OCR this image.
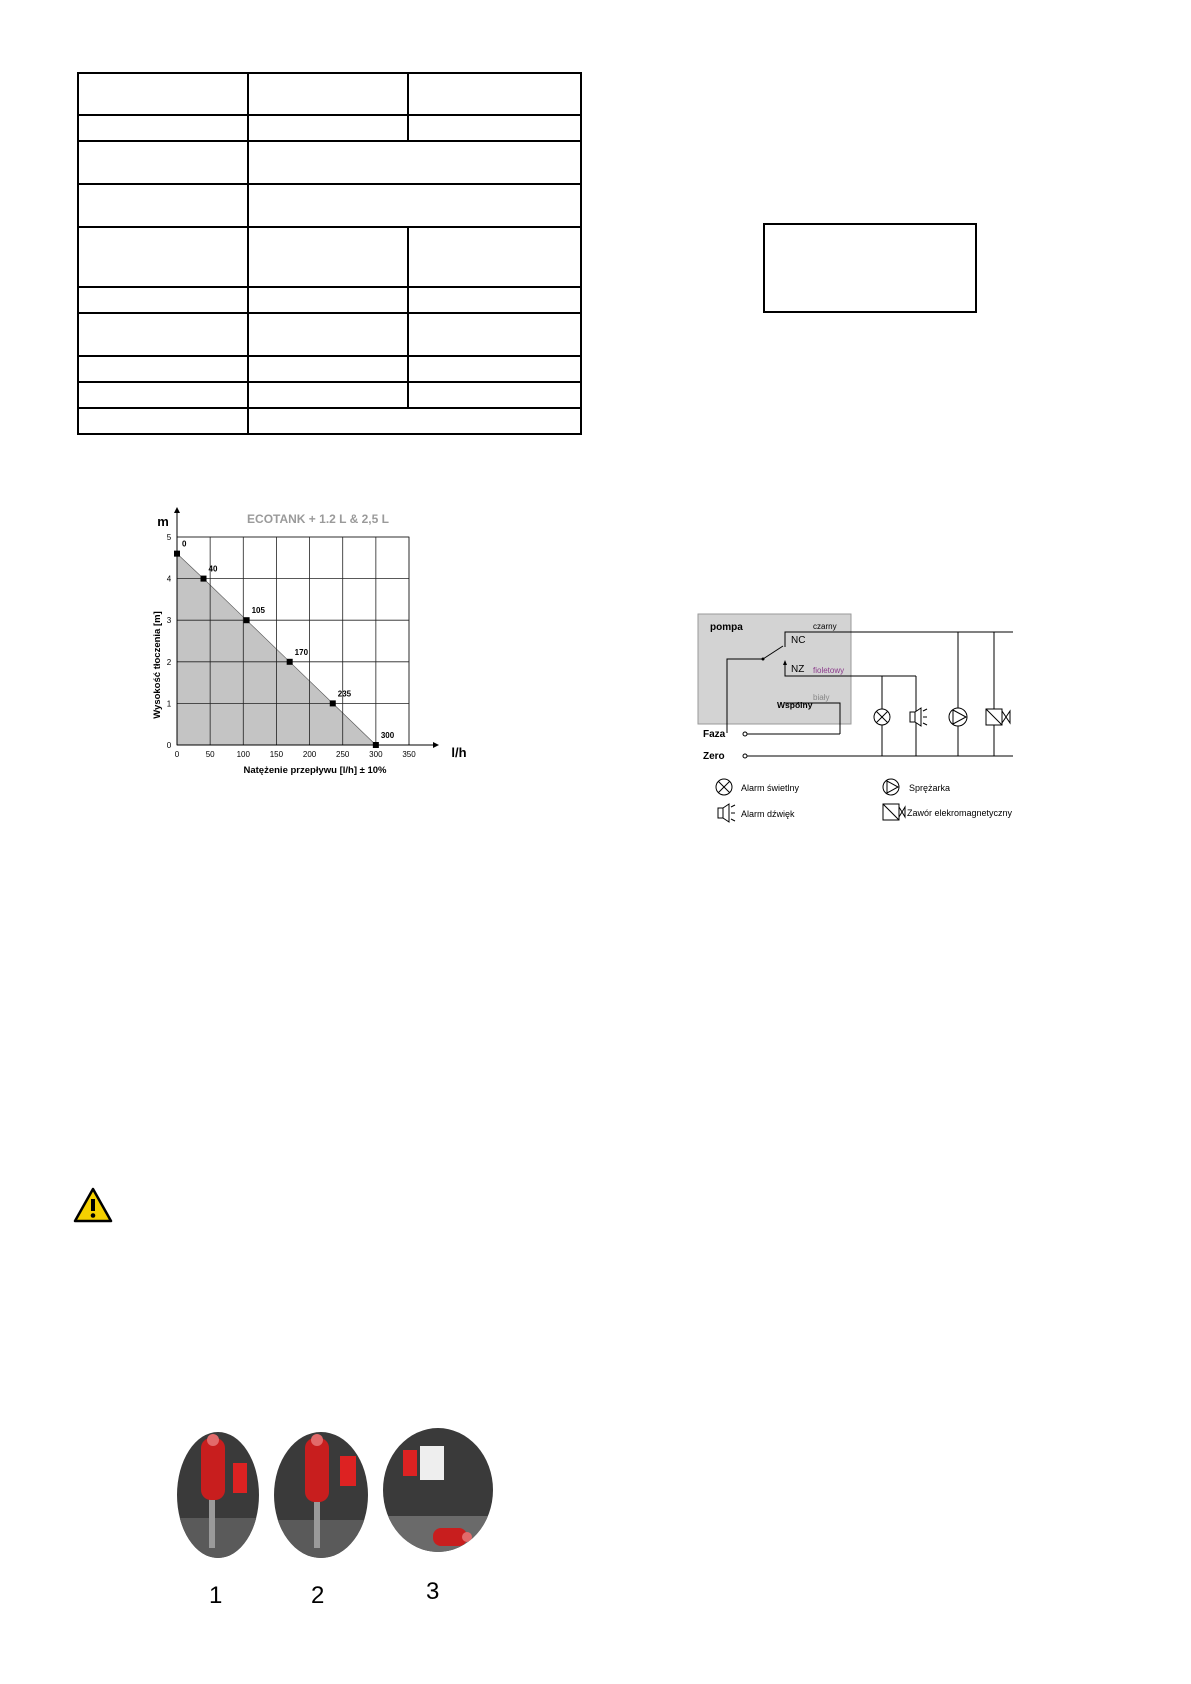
0	50	100 150 200 250 300 350
0
1
2
3
4
5
0
40
105
170
235
300
ECOTANK + 1.2 L & 2,5 L
m
l/h
Natężenie przepływu [l/h] ± 10%
Wysokość tłoczenia [m]	pompa
NC
NZ
Wspólny
czarny
fioletowy
biały
Faza
Zero
Alarm świetlny
Alarm dźwięk
Sprężarka
Zawór elekromagnetyczny
1	2	3
